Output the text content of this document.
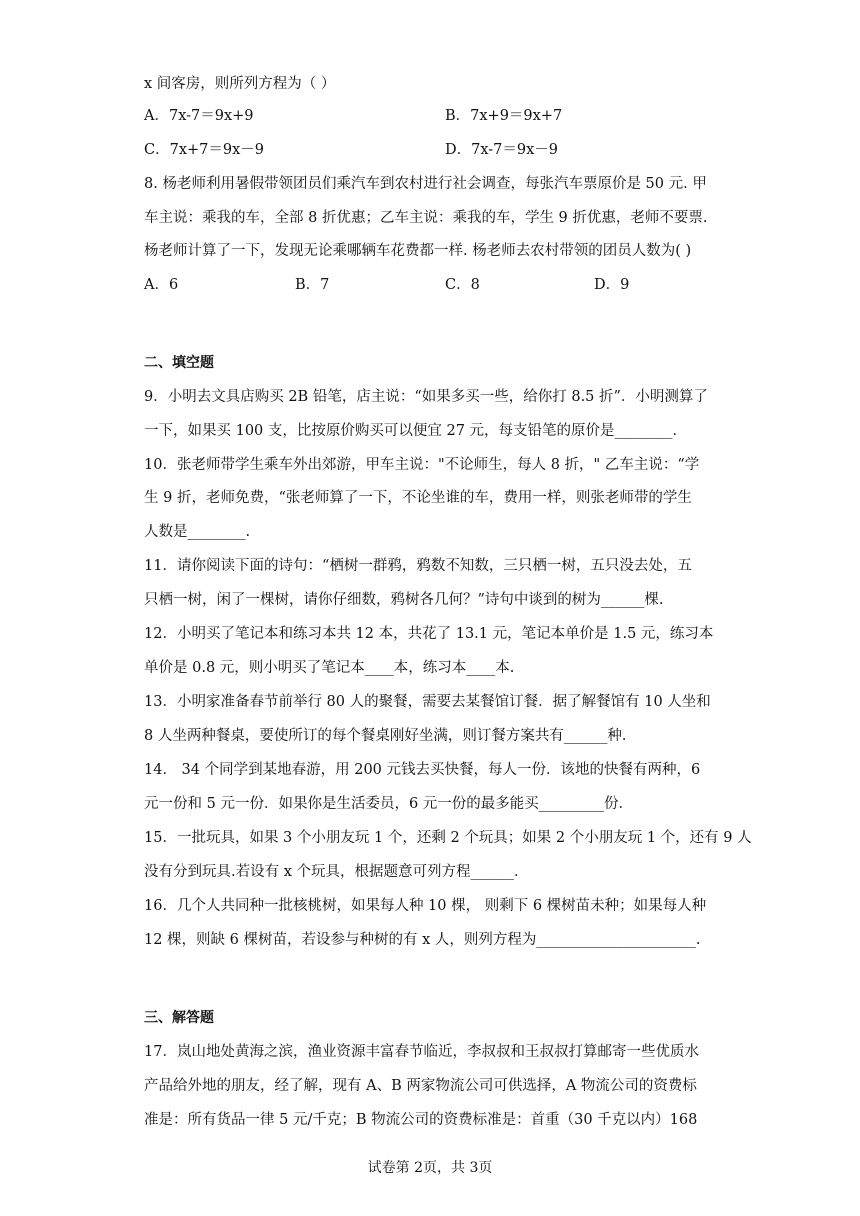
x 间客房，则所列方程为（ ）
A．7x-7＝9x+9	B．7x+9＝9x+7
C．7x+7＝9x－9	D．7x-7＝9x－9
8. 杨老师利用暑假带领团员们乘汽车到农村进行社会调查，每张汽车票原价是 50 元. 甲
车主说：乘我的车，全部 8 折优惠；乙车主说：乘我的车，学生 9 折优惠，老师不要票.
杨老师计算了一下，发现无论乘哪辆车花费都一样. 杨老师去农村带领的团员人数为( )
A．6	B．7	C．8	D．9
二、填空题
9．小明去文具店购买 2B 铅笔，店主说：“如果多买一些，给你打 8.5 折”．小明测算了
一下，如果买 100 支，比按原价购买可以便宜 27 元，每支铅笔的原价是________．
10．张老师带学生乘车外出郊游，甲车主说："不论师生，每人 8 折，" 乙车主说：“学
生 9 折，老师免费，“张老师算了一下，不论坐谁的车，费用一样，则张老师带的学生
人数是________.
11．请你阅读下面的诗句：“栖树一群鸦，鸦数不知数，三只栖一树，五只没去处，五
只栖一树，闲了一棵树，请你仔细数，鸦树各几何？”诗句中谈到的树为______棵.
12．小明买了笔记本和练习本共 12 本，共花了 13.1 元，笔记本单价是 1.5 元，练习本
单价是 0.8 元，则小明买了笔记本____本，练习本____本.
13．小明家准备春节前举行 80 人的聚餐，需要去某餐馆订餐．据了解餐馆有 10 人坐和
8 人坐两种餐桌，要使所订的每个餐桌刚好坐满，则订餐方案共有______种．
14． 34 个同学到某地春游，用 200 元钱去买快餐，每人一份．该地的快餐有两种，6
元一份和 5 元一份．如果你是生活委员，6 元一份的最多能买_________份．
15．一批玩具，如果 3 个小朋友玩 1 个，还剩 2 个玩具；如果 2 个小朋友玩 1 个，还有 9 人
没有分到玩具.若设有 x 个玩具，根据题意可列方程______．
16．几个人共同种一批核桃树，如果每人种 10 棵， 则剩下 6 棵树苗未种；如果每人种
12 棵，则缺 6 棵树苗，若设参与种树的有 x 人，则列方程为______________________.
三、解答题
17．岚山地处黄海之滨，渔业资源丰富春节临近，李叔叔和王叔叔打算邮寄一些优质水
产品给外地的朋友，经了解，现有 A、B 两家物流公司可供选择，A 物流公司的资费标
准是：所有货品一律 5 元/千克；B 物流公司的资费标准是：首重（30 千克以内）168
试卷第 2页，共 3页
